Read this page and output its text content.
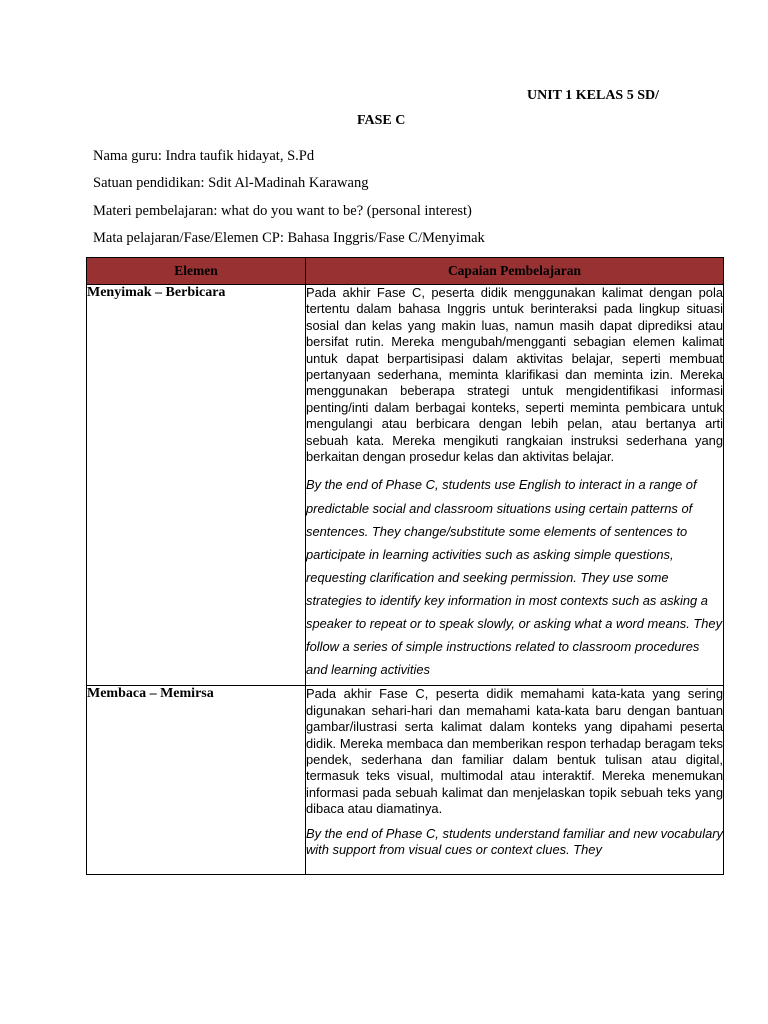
UNIT 1 KELAS 5 SD/
FASE C
Nama guru: Indra taufik hidayat, S.Pd
Satuan pendidikan: Sdit Al-Madinah Karawang
Materi pembelajaran: what do you want to be? (personal interest)
Mata pelajaran/Fase/Elemen CP: Bahasa Inggris/Fase C/Menyimak
Elemen	Capaian Pembelajaran
Menyimak – Berbicara	Pada akhir Fase C, peserta didik menggunakan kalimat dengan pola tertentu dalam bahasa Inggris untuk berinteraksi pada lingkup situasi sosial dan kelas yang makin luas, namun masih dapat diprediksi atau bersifat rutin. Mereka mengubah/mengganti sebagian elemen kalimat untuk dapat berpartisipasi dalam aktivitas belajar, seperti membuat pertanyaan sederhana, meminta klarifikasi dan meminta izin. Mereka menggunakan beberapa strategi untuk mengidentifikasi informasi penting/inti dalam berbagai konteks, seperti meminta pembicara untuk mengulangi atau berbicara dengan lebih pelan, atau bertanya arti sebuah kata. Mereka mengikuti rangkaian instruksi sederhana yang berkaitan dengan prosedur kelas dan aktivitas belajar.

By the end of Phase C, students use English to interact in a range of predictable social and classroom situations using certain patterns of sentences. They change/substitute some elements of sentences to participate in learning activities such as asking simple questions, requesting clarification and seeking permission. They use some strategies to identify key information in most contexts such as asking a speaker to repeat or to speak slowly, or asking what a word means. They follow a series of simple instructions related to classroom procedures and learning activities

Membaca – Memirsa	Pada akhir Fase C, peserta didik memahami kata-kata yang sering digunakan sehari-hari dan memahami kata-kata baru dengan bantuan gambar/ilustrasi serta kalimat dalam konteks yang dipahami peserta didik. Mereka membaca dan memberikan respon terhadap beragam teks pendek, sederhana dan familiar dalam bentuk tulisan atau digital, termasuk teks visual, multimodal atau interaktif. Mereka menemukan informasi pada sebuah kalimat dan menjelaskan topik sebuah teks yang dibaca atau diamatinya.

By the end of Phase C, students understand familiar and new vocabulary with support from visual cues or context clues. They
